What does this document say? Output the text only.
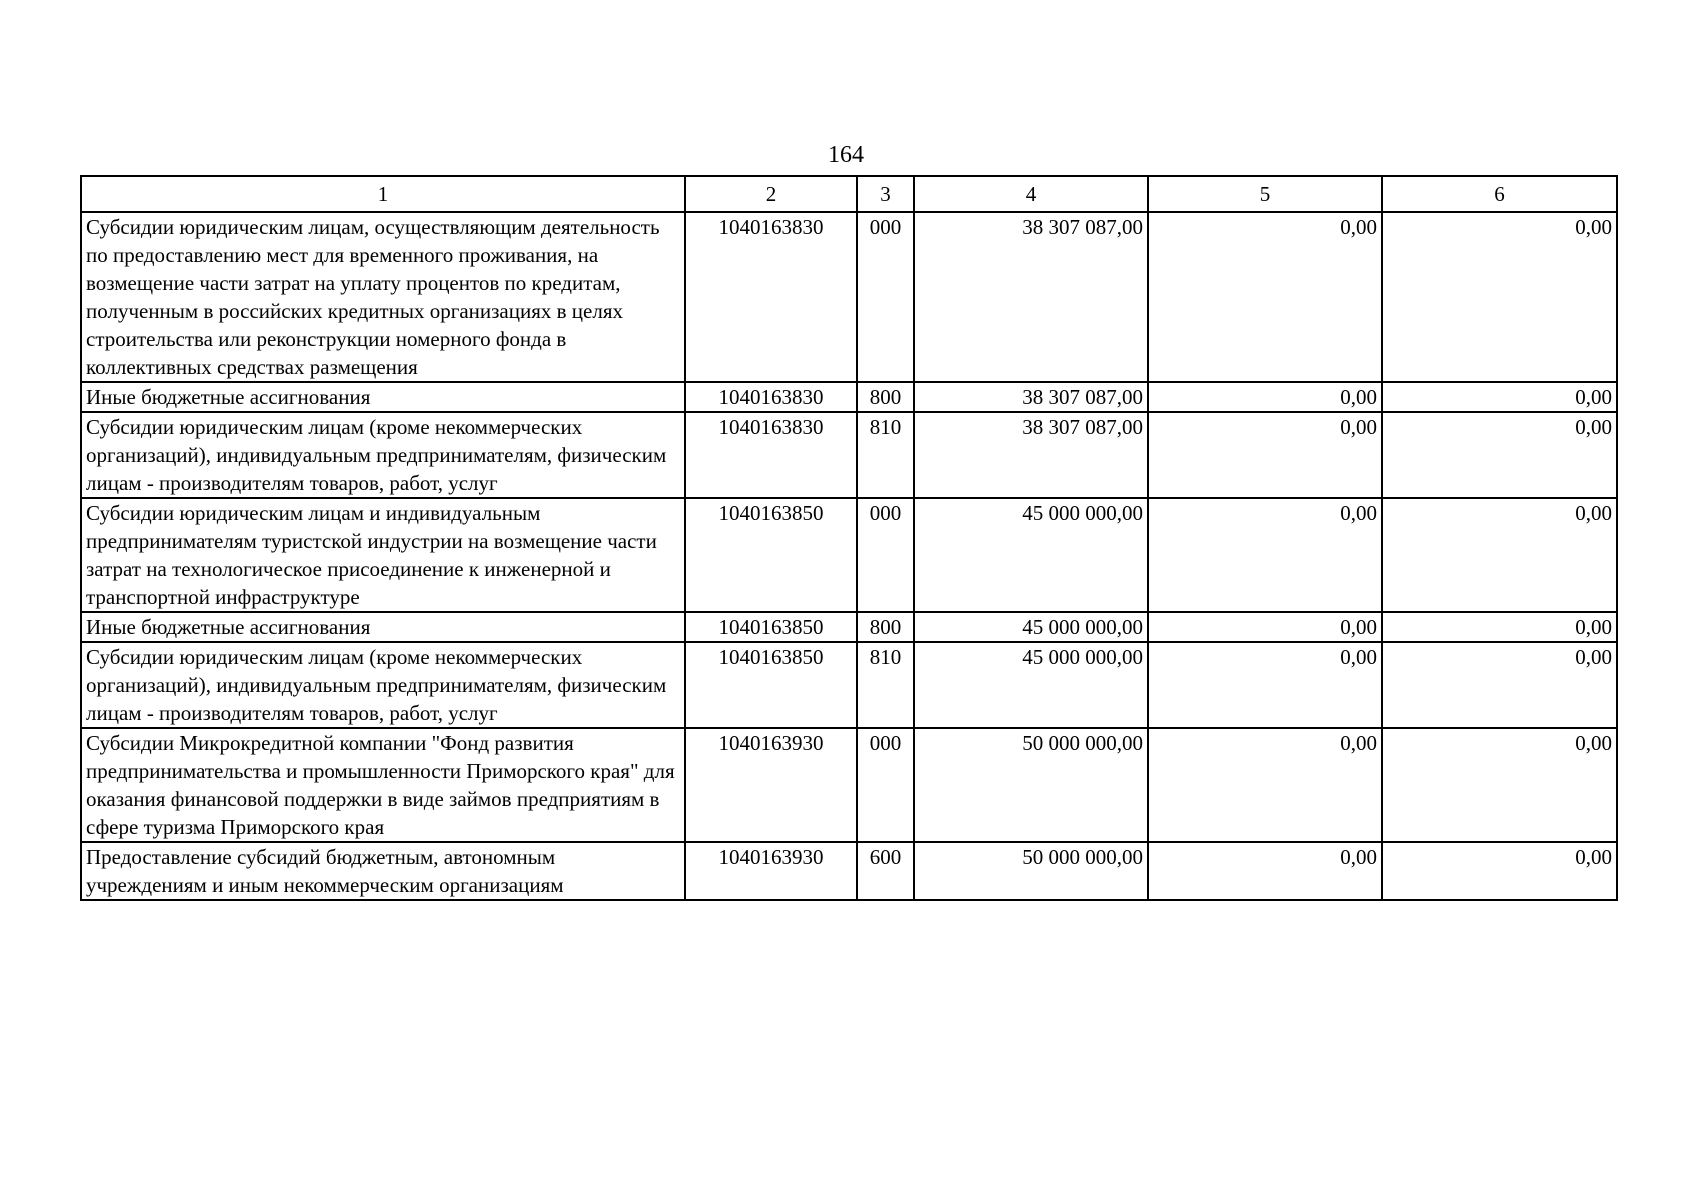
164
1	2	3	4	5	6
Субсидии юридическим лицам, осуществляющим деятельность по предоставлению мест для временного проживания, на возмещение части затрат на уплату процентов по кредитам, полученным в российских кредитных организациях в целях строительства или реконструкции номерного фонда в коллективных средствах размещения	1040163830	000	38 307 087,00	0,00	0,00
Иные бюджетные ассигнования	1040163830	800	38 307 087,00	0,00	0,00
Субсидии юридическим лицам (кроме некоммерческих организаций), индивидуальным предпринимателям, физическим лицам - производителям товаров, работ, услуг	1040163830	810	38 307 087,00	0,00	0,00
Субсидии юридическим лицам и индивидуальным предпринимателям туристской индустрии на возмещение части затрат на технологическое присоединение к инженерной и транспортной инфраструктуре	1040163850	000	45 000 000,00	0,00	0,00
Иные бюджетные ассигнования	1040163850	800	45 000 000,00	0,00	0,00
Субсидии юридическим лицам (кроме некоммерческих организаций), индивидуальным предпринимателям, физическим лицам - производителям товаров, работ, услуг	1040163850	810	45 000 000,00	0,00	0,00
Субсидии Микрокредитной компании "Фонд развития предпринимательства и промышленности Приморского края" для оказания финансовой поддержки в виде займов предприятиям в сфере туризма Приморского края	1040163930	000	50 000 000,00	0,00	0,00
Предоставление субсидий бюджетным, автономным учреждениям и иным некоммерческим организациям	1040163930	600	50 000 000,00	0,00	0,00
